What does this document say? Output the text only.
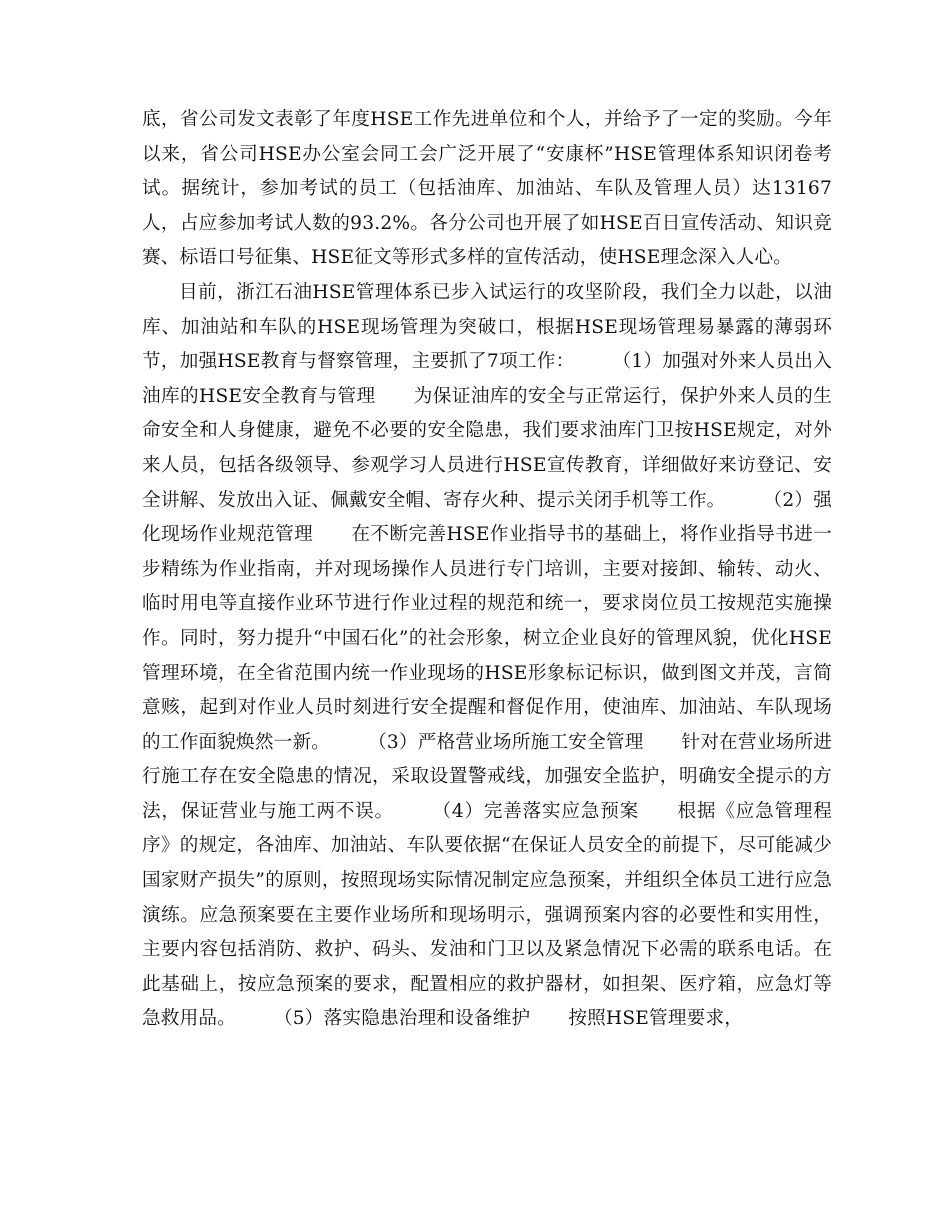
底，省公司发文表彰了年度HSE工作先进单位和个人，并给予了一定的奖励。今年以来，省公司HSE办公室会同工会广泛开展了“安康杯”HSE管理体系知识闭卷考试。据统计，参加考试的员工（包括油库、加油站、车队及管理人员）达13167人，占应参加考试人数的93.2%。各分公司也开展了如HSE百日宣传活动、知识竞赛、标语口号征集、HSE征文等形式多样的宣传活动，使HSE理念深入人心。

目前，浙江石油HSE管理体系已步入试运行的攻坚阶段，我们全力以赴，以油库、加油站和车队的HSE现场管理为突破口，根据HSE现场管理易暴露的薄弱环节，加强HSE教育与督察管理，主要抓了7项工作： （1）加强对外来人员出入油库的HSE安全教育与管理 为保证油库的安全与正常运行，保护外来人员的生命安全和人身健康，避免不必要的安全隐患，我们要求油库门卫按HSE规定，对外来人员，包括各级领导、参观学习人员进行HSE宣传教育，详细做好来访登记、安全讲解、发放出入证、佩戴安全帽、寄存火种、提示关闭手机等工作。 （2）强化现场作业规范管理 在不断完善HSE作业指导书的基础上，将作业指导书进一步精练为作业指南，并对现场操作人员进行专门培训，主要对接卸、输转、动火、临时用电等直接作业环节进行作业过程的规范和统一，要求岗位员工按规范实施操作。同时，努力提升“中国石化”的社会形象，树立企业良好的管理风貌，优化HSE管理环境，在全省范围内统一作业现场的HSE形象标记标识，做到图文并茂，言简意赅，起到对作业人员时刻进行安全提醒和督促作用，使油库、加油站、车队现场的工作面貌焕然一新。 （3）严格营业场所施工安全管理 针对在营业场所进行施工存在安全隐患的情况，采取设置警戒线，加强安全监护，明确安全提示的方法，保证营业与施工两不误。 （4）完善落实应急预案 根据《应急管理程序》的规定，各油库、加油站、车队要依据“在保证人员安全的前提下，尽可能减少国家财产损失”的原则，按照现场实际情况制定应急预案，并组织全体员工进行应急演练。应急预案要在主要作业场所和现场明示，强调预案内容的必要性和实用性，主要内容包括消防、救护、码头、发油和门卫以及紧急情况下必需的联系电话。在此基础上，按应急预案的要求，配置相应的救护器材，如担架、医疗箱，应急灯等急救用品。 （5）落实隐患治理和设备维护 按照HSE管理要求，
